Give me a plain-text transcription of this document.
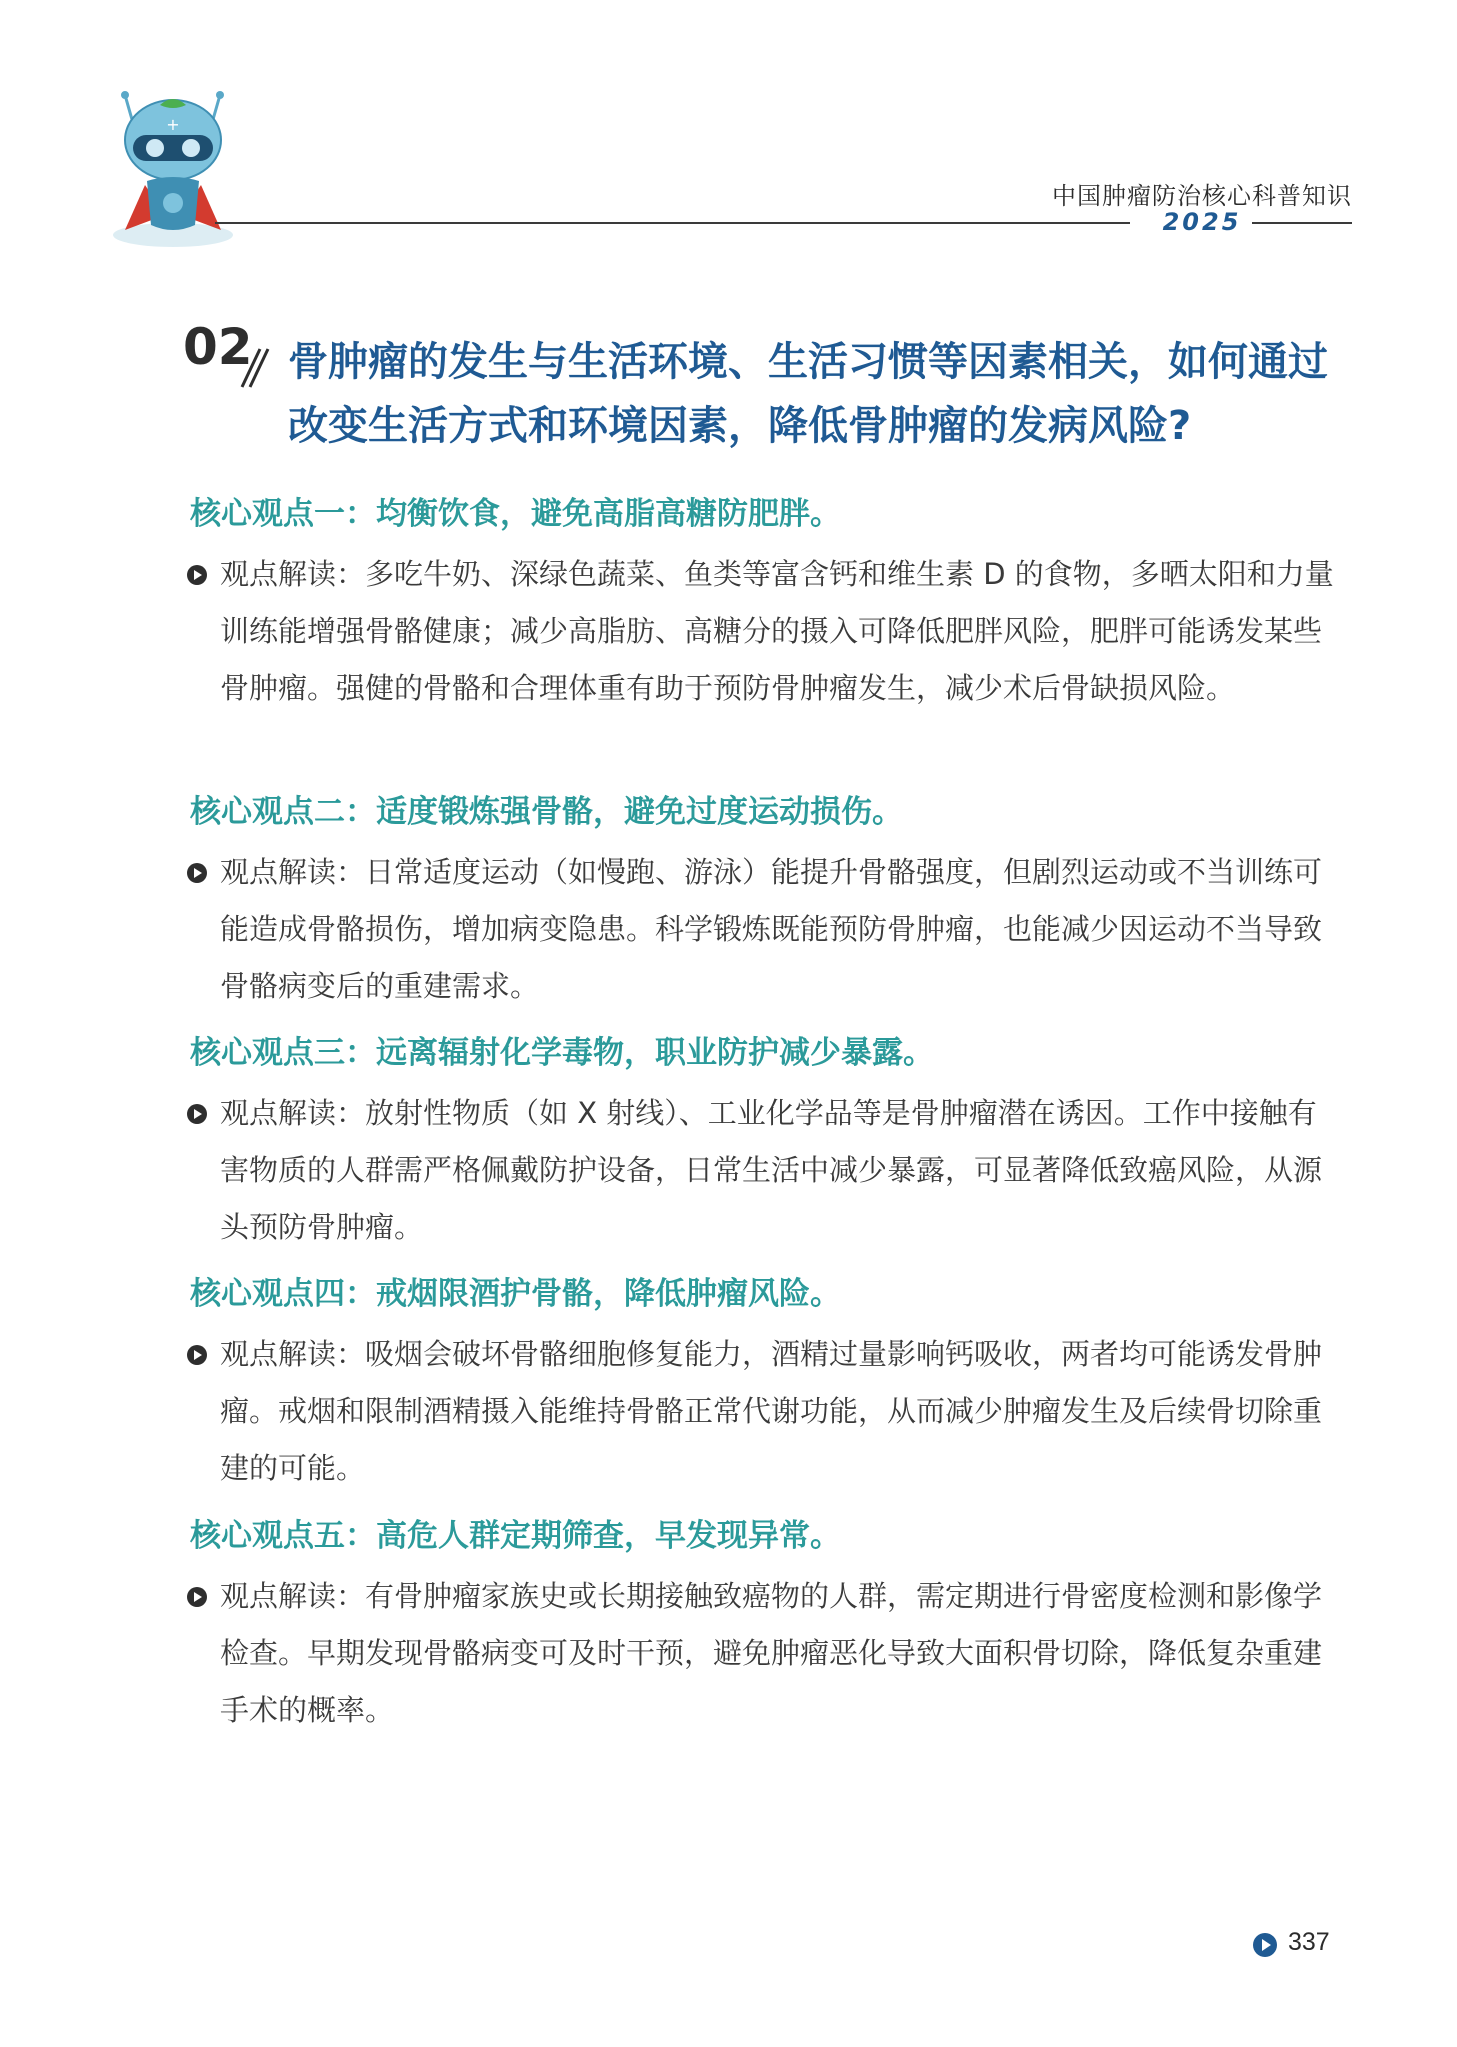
+
中国肿瘤防治核心科普知识
2025
02 骨肿瘤的发生与生活环境、生活习惯等因素相关，如何通过改变生活方式和环境因素，降低骨肿瘤的发病风险?
核心观点一：均衡饮食，避免高脂高糖防肥胖。
观点解读：多吃牛奶、深绿色蔬菜、鱼类等富含钙和维生素 D 的食物，多晒太阳和力量训练能增强骨骼健康；减少高脂肪、高糖分的摄入可降低肥胖风险，肥胖可能诱发某些骨肿瘤。强健的骨骼和合理体重有助于预防骨肿瘤发生，减少术后骨缺损风险。
核心观点二：适度锻炼强骨骼，避免过度运动损伤。
观点解读：日常适度运动（如慢跑、游泳）能提升骨骼强度，但剧烈运动或不当训练可能造成骨骼损伤，增加病变隐患。科学锻炼既能预防骨肿瘤，也能减少因运动不当导致骨骼病变后的重建需求。
核心观点三：远离辐射化学毒物，职业防护减少暴露。
观点解读：放射性物质（如 X 射线）、工业化学品等是骨肿瘤潜在诱因。工作中接触有害物质的人群需严格佩戴防护设备，日常生活中减少暴露，可显著降低致癌风险，从源头预防骨肿瘤。
核心观点四：戒烟限酒护骨骼，降低肿瘤风险。
观点解读：吸烟会破坏骨骼细胞修复能力，酒精过量影响钙吸收，两者均可能诱发骨肿瘤。戒烟和限制酒精摄入能维持骨骼正常代谢功能，从而减少肿瘤发生及后续骨切除重建的可能。
核心观点五：高危人群定期筛查，早发现异常。
观点解读：有骨肿瘤家族史或长期接触致癌物的人群，需定期进行骨密度检测和影像学检查。早期发现骨骼病变可及时干预，避免肿瘤恶化导致大面积骨切除，降低复杂重建手术的概率。
337
